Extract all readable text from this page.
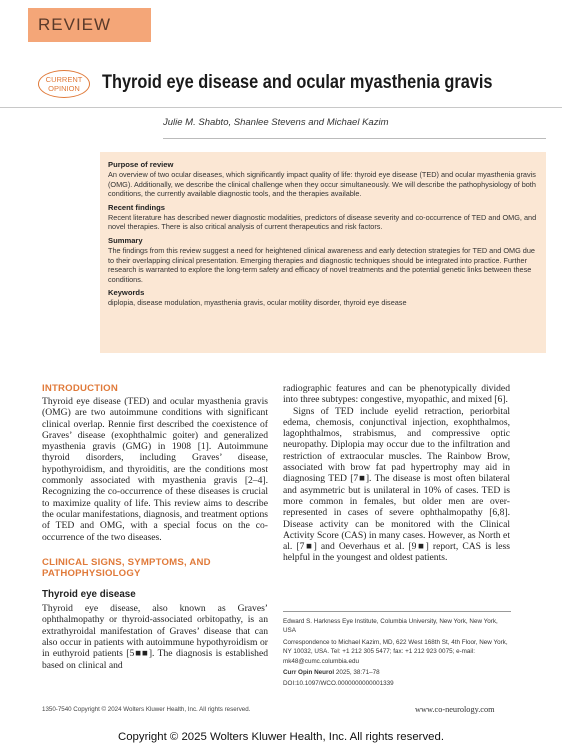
REVIEW
CURRENT
OPINION	Thyroid eye disease and ocular myasthenia gravis
Julie M. Shabto, Shanlee Stevens and Michael Kazim
Purpose of review

An overview of two ocular diseases, which significantly impact quality of life: thyroid eye disease (TED) and ocular myasthenia gravis (OMG). Additionally, we describe the clinical challenge when they occur simultaneously. We will describe the pathophysiology of both conditions, the currently available diagnostic tools, and the therapies available.

Recent findings

Recent literature has described newer diagnostic modalities, predictors of disease severity and co-occurrence of TED and OMG, and novel therapies. There is also critical analysis of current therapeutics and risk factors.

Summary

The findings from this review suggest a need for heightened clinical awareness and early detection strategies for TED and OMG due to their overlapping clinical presentation. Emerging therapies and diagnostic techniques should be integrated into practice. Further research is warranted to explore the long-term safety and efficacy of novel treatments and the potential genetic links between these conditions.

Keywords

diplopia, disease modulation, myasthenia gravis, ocular motility disorder, thyroid eye disease

INTRODUCTION

Thyroid eye disease (TED) and ocular myasthenia gravis (OMG) are two autoimmune conditions with significant clinical overlap. Rennie first described the coexistence of Graves’ disease (exophthalmic goiter) and generalized myasthenia gravis (GMG) in 1908 [1]. Autoimmune thyroid disorders, including Graves’ disease, hypothyroidism, and thyroiditis, are the conditions most commonly associated with myasthenia gravis [2–4]. Recognizing the co-occurrence of these diseases is crucial to maximize quality of life. This review aims to describe the ocular manifestations, diagnosis, and treatment options of TED and OMG, with a special focus on the co-occurrence of the two diseases.

CLINICAL SIGNS, SYMPTOMS, AND
PATHOPHYSIOLOGY
Thyroid eye disease

Thyroid eye disease, also known as Graves’ ophthalmopathy or thyroid-associated orbitopathy, is an extrathyroidal manifestation of Graves’ disease that can also occur in patients with autoimmune hypothyroidism or in euthyroid patients [5■■]. The diagnosis is established based on clinical and

radiographic features and can be phenotypically divided into three subtypes: congestive, myopathic, and mixed [6].

Signs of TED include eyelid retraction, periorbital edema, chemosis, conjunctival injection, exophthalmos, lagophthalmos, strabismus, and compressive optic neuropathy. Diplopia may occur due to the infiltration and restriction of extraocular muscles. The Rainbow Brow, associated with brow fat pad hypertrophy may aid in diagnosing TED [7■]. The disease is most often bilateral and asymmetric but is unilateral in 10% of cases. TED is more common in females, but older men are over-represented in cases of severe ophthalmopathy [6,8]. Disease activity can be monitored with the Clinical Activity Score (CAS) in many cases. However, as North et al. [7■] and Oeverhaus et al. [9■] report, CAS is less helpful in the youngest and oldest patients.

Edward S. Harkness Eye Institute, Columbia University, New York, New York, USA

Correspondence to Michael Kazim, MD, 622 West 168th St, 4th Floor, New York, NY 10032, USA. Tel: +1 212 305 5477; fax: +1 212 923 0075; e-mail: mk48@cumc.columbia.edu

Curr Opin Neurol 2025, 38:71–78

DOI:10.1097/WCO.0000000000001339

1350-7540 Copyright © 2024 Wolters Kluwer Health, Inc. All rights reserved.	www.co-neurology.com
Copyright © 2025 Wolters Kluwer Health, Inc. All rights reserved.
